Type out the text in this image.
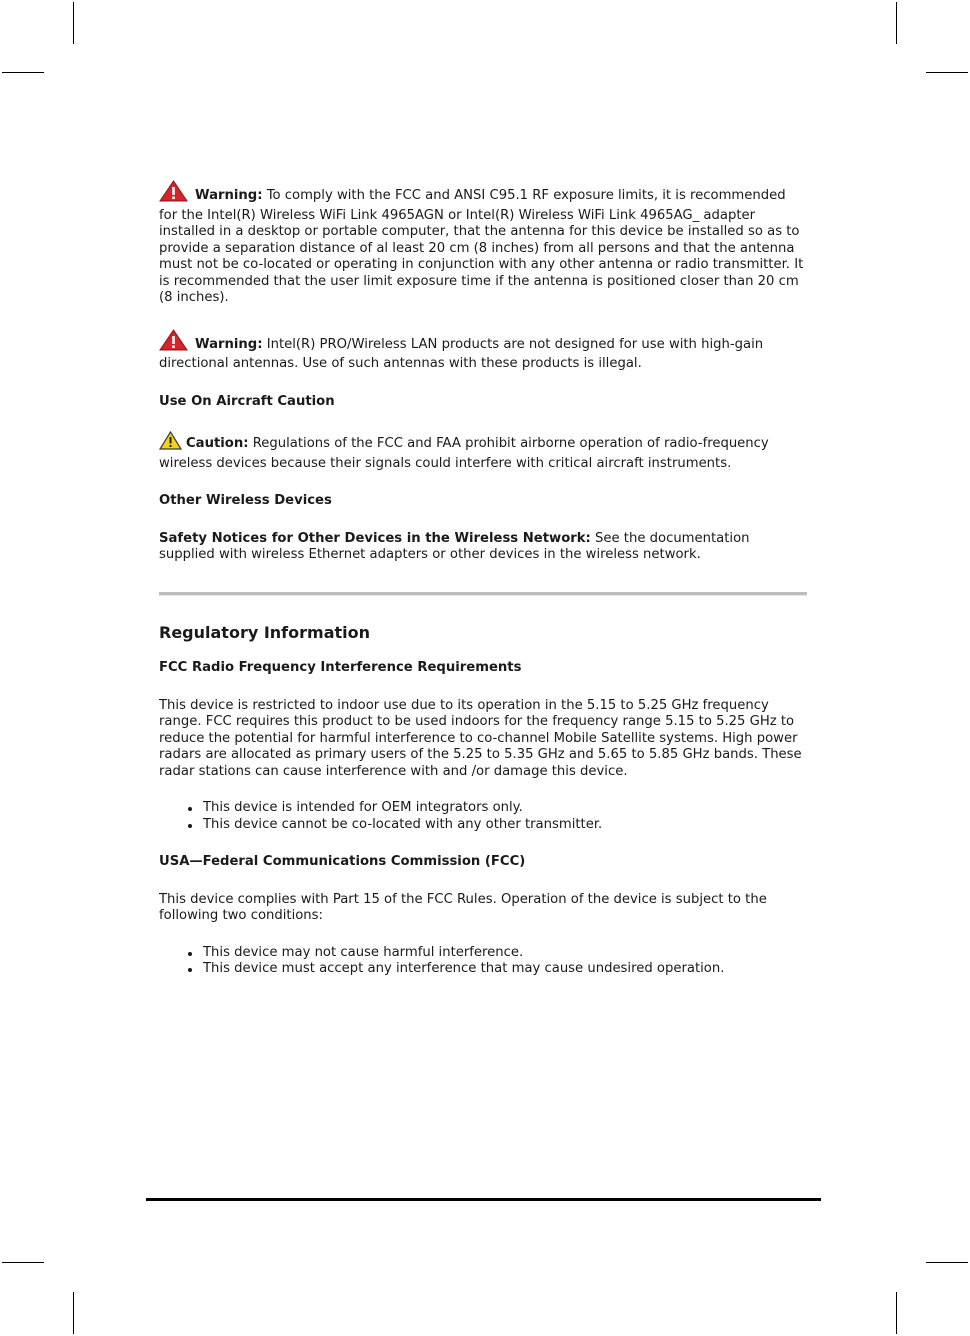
Warning: To comply with the FCC and ANSI C95.1 RF exposure limits, it is recommended for the Intel(R) Wireless WiFi Link 4965AGN or Intel(R) Wireless WiFi Link 4965AG_ adapter installed in a desktop or portable computer, that the antenna for this device be installed so as to provide a separation distance of al least 20 cm (8 inches) from all persons and that the antenna must not be co-located or operating in conjunction with any other antenna or radio transmitter. It is recommended that the user limit exposure time if the antenna is positioned closer than 20 cm (8 inches).

Warning: Intel(R) PRO/Wireless LAN products are not designed for use with high-gain directional antennas. Use of such antennas with these products is illegal.

Use On Aircraft Caution

Caution: Regulations of the FCC and FAA prohibit airborne operation of radio-frequency wireless devices because their signals could interfere with critical aircraft instruments.

Other Wireless Devices

Safety Notices for Other Devices in the Wireless Network: See the documentation supplied with wireless Ethernet adapters or other devices in the wireless network.

Regulatory Information

FCC Radio Frequency Interference Requirements

This device is restricted to indoor use due to its operation in the 5.15 to 5.25 GHz frequency range. FCC requires this product to be used indoors for the frequency range 5.15 to 5.25 GHz to reduce the potential for harmful interference to co-channel Mobile Satellite systems. High power radars are allocated as primary users of the 5.25 to 5.35 GHz and 5.65 to 5.85 GHz bands. These radar stations can cause interference with and /or damage this device.

This device is intended for OEM integrators only.
This device cannot be co-located with any other transmitter.

USA—Federal Communications Commission (FCC)

This device complies with Part 15 of the FCC Rules. Operation of the device is subject to the following two conditions:

This device may not cause harmful interference.
This device must accept any interference that may cause undesired operation.
